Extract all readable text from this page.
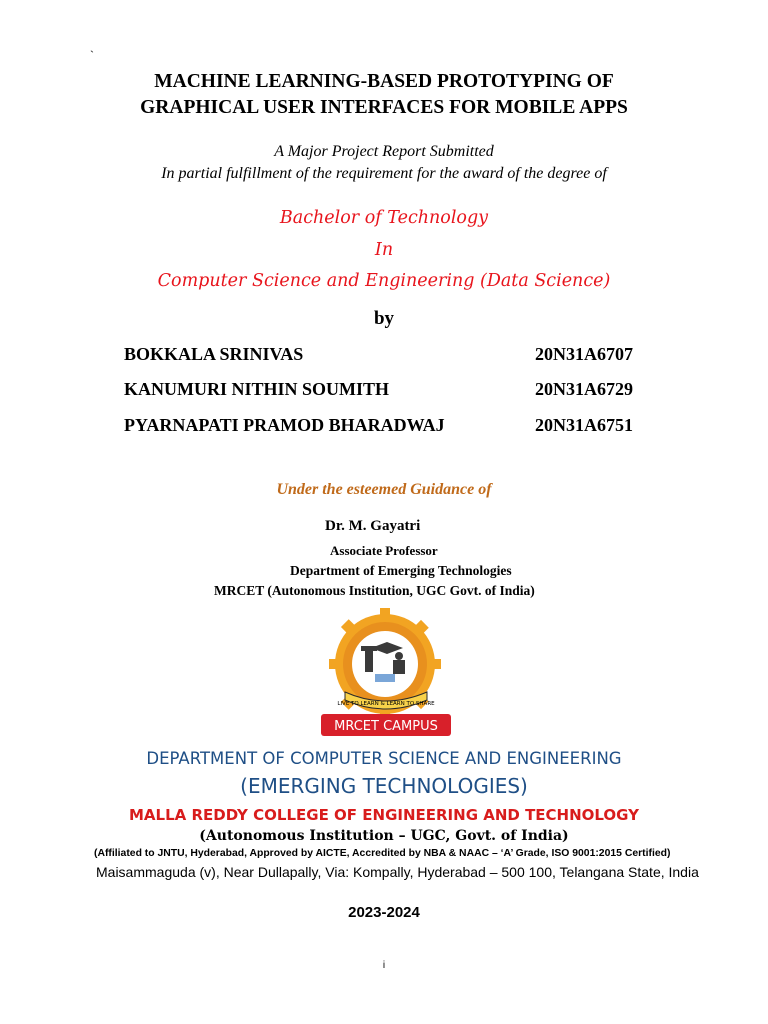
`
MACHINE LEARNING-BASED PROTOTYPING OF
GRAPHICAL USER INTERFACES FOR MOBILE APPS
A Major Project Report Submitted
In partial fulfillment of the requirement for the award of the degree of
Bachelor of Technology
In
Computer Science and Engineering (Data Science)
by
BOKKALA SRINIVAS	20N31A6707
KANUMURI NITHIN SOUMITH	20N31A6729
PYARNAPATI PRAMOD BHARADWAJ	20N31A6751
Under the esteemed Guidance of
Dr. M. Gayatri
Associate Professor
Department of Emerging Technologies
MRCET (Autonomous Institution, UGC Govt. of India)
LIVE TO LEARN & LEARN TO SHARE
MRCET CAMPUS
DEPARTMENT OF COMPUTER SCIENCE AND ENGINEERING
(EMERGING TECHNOLOGIES)
MALLA REDDY COLLEGE OF ENGINEERING AND TECHNOLOGY
(Autonomous Institution – UGC, Govt. of India)
(Affiliated to JNTU, Hyderabad, Approved by AICTE, Accredited by NBA & NAAC – ‘A’ Grade, ISO 9001:2015 Certified)
Maisammaguda (v), Near Dullapally, Via: Kompally, Hyderabad – 500 100, Telangana State, India
2023-2024
i
